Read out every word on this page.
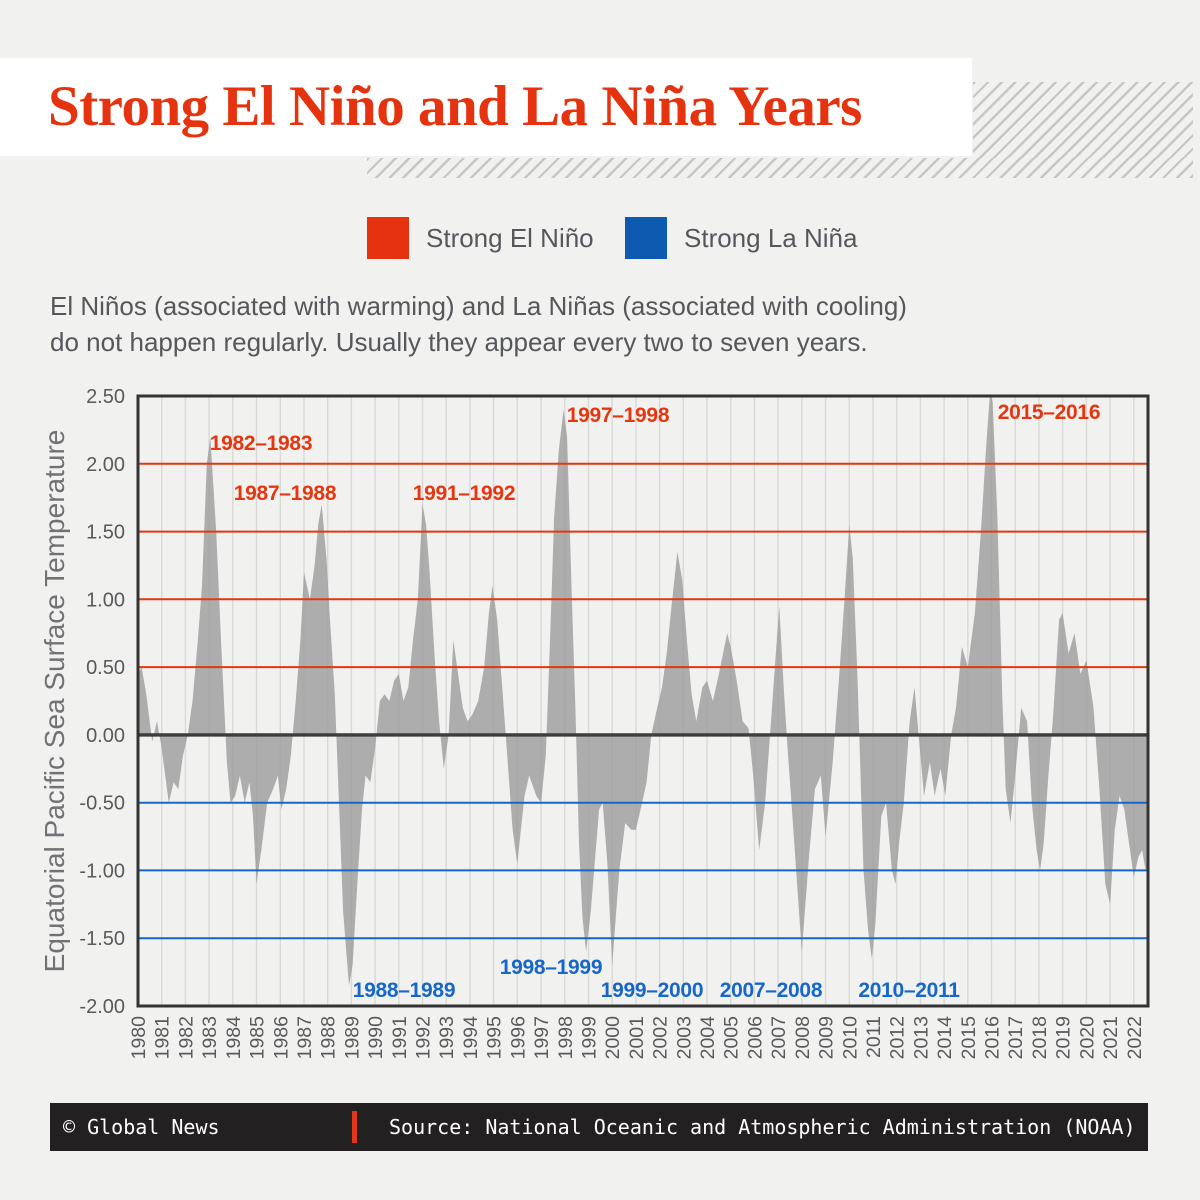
Strong El Niño and La Niña Years
Strong El Niño	Strong La Niña

El Niños (associated with warming) and La Niñas (associated with cooling)
do not happen regularly. Usually they appear every two to seven years.

2.50
2.00
1.50
1.00
0.50
0.00
-0.50
-1.00
-1.50
-2.00
1980 1981 1982 1983 1984 1985 1986 1987 1988 1989 1990 1991 1992 1993 1994 1995 1996 1997 1998 1999 2000 2001 2002 2003 2004 2005 2006 2007 2008 2009 2010 2011 2012 2013 2014 2015 2016 2017 2018 2019 2020 2021 2022
Equatorial Pacific Sea Surface Temperature	1982–1983
1987–1988	1991–1992
1997–1998	2015–2016
1988–1989
1998–1999
1999–2000 2007–2008 2010–2011
© Global News	Source: National Oceanic and Atmospheric Administration (NOAA)
